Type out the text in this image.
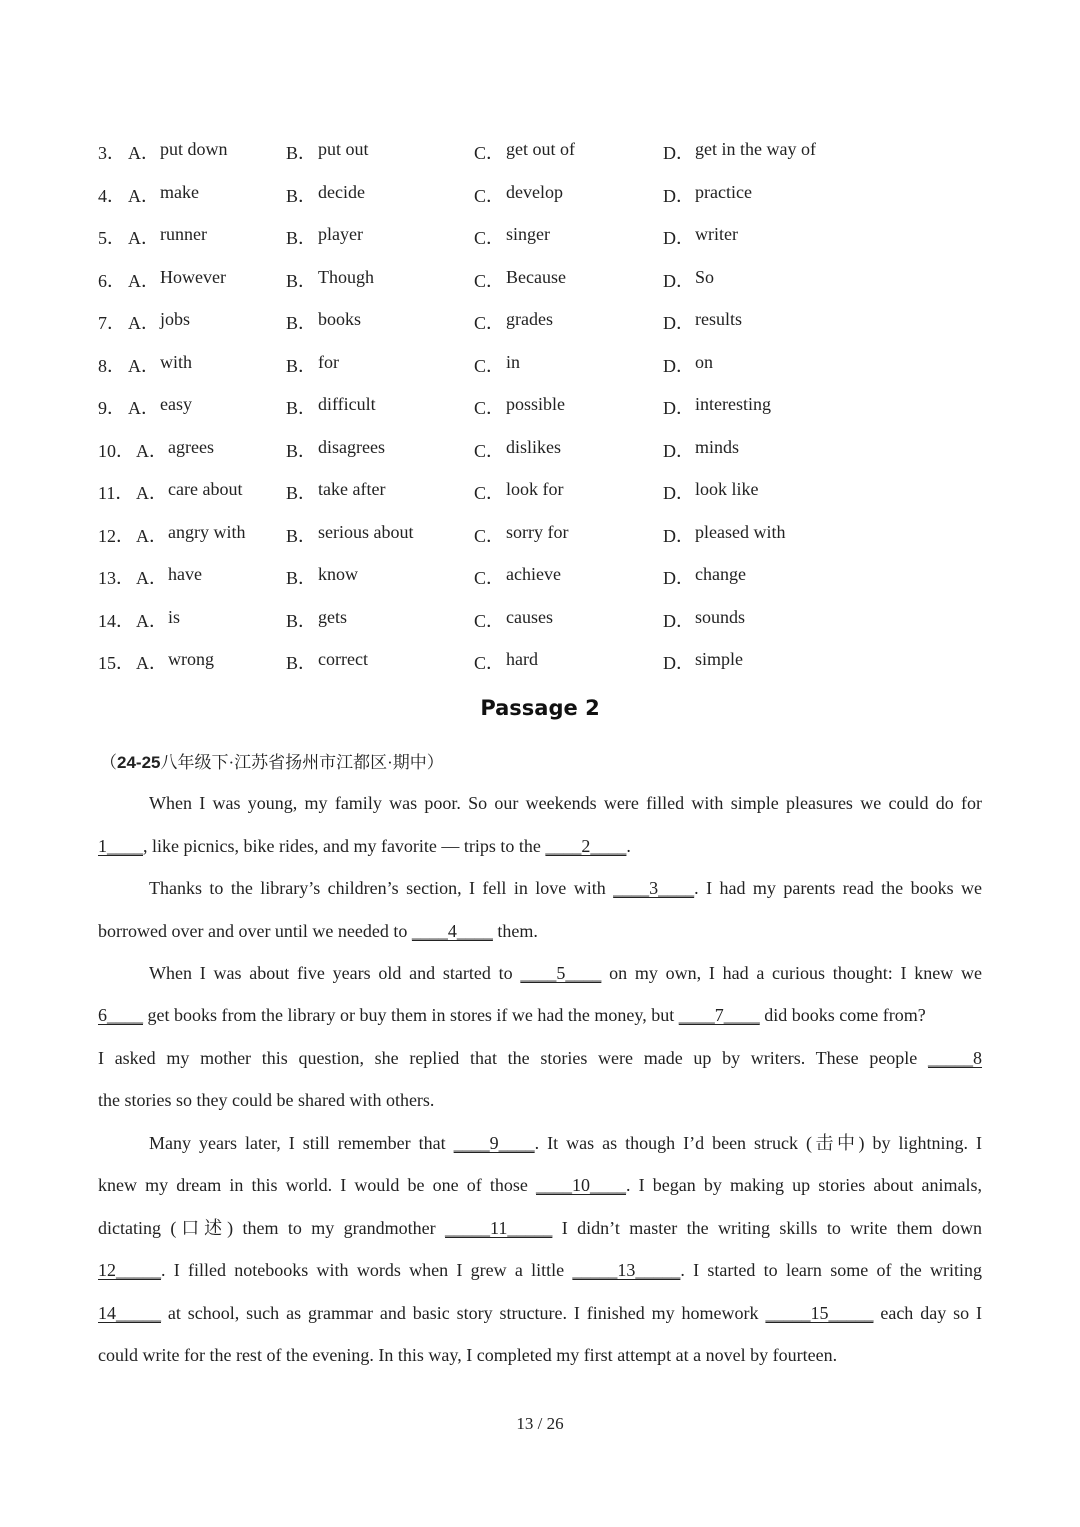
3． A． put down	B． put out	C． get out of	D． get in the way of
4． A． make	B． decide	C． develop	D． practice
5． A． runner	B． player	C． singer	D． writer
6． A． However	B． Though	C． Because	D． So
7． A． jobs	B． books	C． grades	D． results
8． A． with	B． for	C． in	D． on
9． A． easy	B． difficult	C． possible	D． interesting
10． A． agrees	B． disagrees	C． dislikes	D． minds
11． A． care about B． take after	C． look for	D． look like
12． A． angry with B． serious about	C． sorry for	D． pleased with
13． A． have	B． know	C． achieve	D． change
14． A． is	B． gets	C． causes	D． sounds
15． A． wrong	B． correct	C． hard	D． simple
Passage 2
（24-25八年级下·江苏省扬州市江都区·期中）
When I was young, my family was poor. So our weekends were filled with simple pleasures we could do for
1____, like picnics, bike rides, and my favorite — trips to the ____2____.
Thanks to the library’s children’s section, I fell in love with ____3____. I had my parents read the books we
borrowed over and over until we needed to ____4____ them.
When I was about five years old and started to ____5____ on my own, I had a curious thought: I knew we
6____ get books from the library or buy them in stores if we had the money, but ____7____ did books come from?
I asked my mother this question, she replied that the stories were made up by writers. These people _____8
the stories so they could be shared with others.
Many years later, I still remember that ____9____. It was as though I’d been struck (击中) by lightning. I
knew my dream in this world. I would be one of those ____10____. I began by making up stories about animals,
dictating (口述) them to my grandmother _____11_____ I didn’t master the writing skills to write them down
12_____. I filled notebooks with words when I grew a little _____13_____. I started to learn some of the writing
14_____ at school, such as grammar and basic story structure. I finished my homework _____15_____ each day so I
could write for the rest of the evening. In this way, I completed my first attempt at a novel by fourteen.
13 / 26
